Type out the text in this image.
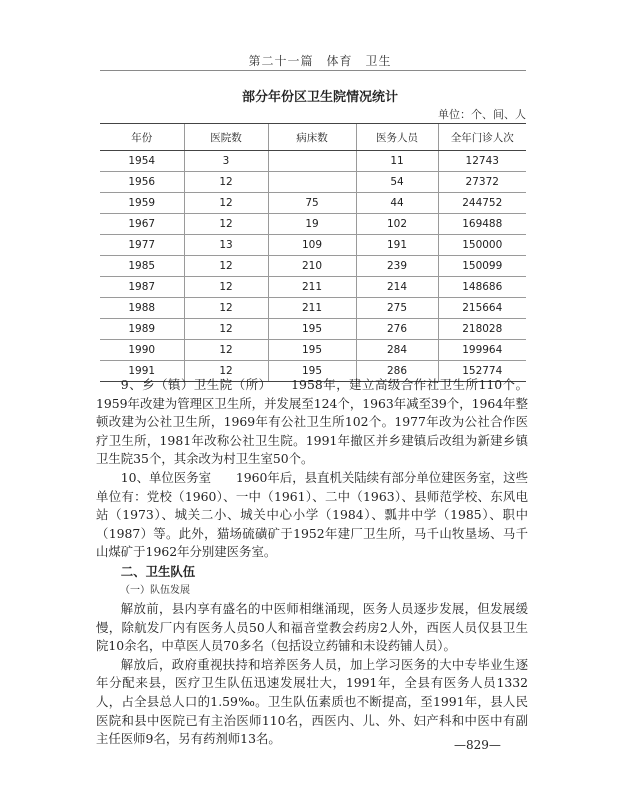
第二十一篇　体育　卫生
部分年份区卫生院情况统计
单位：个、间、人
年份	医院数	病床数	医务人员	全年门诊人次
1954	3		11	12743
1956	12		54	27372
1959	12	75	44	244752
1967	12	19	102	169488
1977	13	109	191	150000
1985	12	210	239	150099
1987	12	211	214	148686
1988	12	211	275	215664
1989	12	195	276	218028
1990	12	195	284	199964
1991	12	195	286	152774

9、乡（镇）卫生院（所）　　1958年，建立高级合作社卫生所110个。1959年改建为管理区卫生所，并发展至124个，1963年减至39个，1964年整顿改建为公社卫生所，1969年有公社卫生所102个。1977年改为公社合作医疗卫生所，1981年改称公社卫生院。1991年撤区并乡建镇后改组为新建乡镇卫生院35个，其余改为村卫生室50个。

10、单位医务室　　1960年后，县直机关陆续有部分单位建医务室，这些单位有：党校（1960）、一中（1961）、二中（1963）、县师范学校、东风电站（1973）、城关二小、城关中心小学（1984）、瓢井中学（1985）、职中（1987）等。此外，猫场硫磺矿于1952年建厂卫生所，马千山牧垦场、马千山煤矿于1962年分别建医务室。

二、卫生队伍
（一）队伍发展

解放前，县内享有盛名的中医师相继涌现，医务人员逐步发展，但发展缓慢，除航发厂内有医务人员50人和福音堂教会药房2人外，西医人员仅县卫生院10余名，中草医人员70多名（包括设立药铺和未设药铺人员）。

解放后，政府重视扶持和培养医务人员，加上学习医务的大中专毕业生逐年分配来县，医疗卫生队伍迅速发展壮大，1991年，全县有医务人员1332人，占全县总人口的1.59‰。卫生队伍素质也不断提高，至1991年，县人民医院和县中医院已有主治医师110名，西医内、儿、外、妇产科和中医中有副主任医师9名，另有药剂师13名。	—829—
